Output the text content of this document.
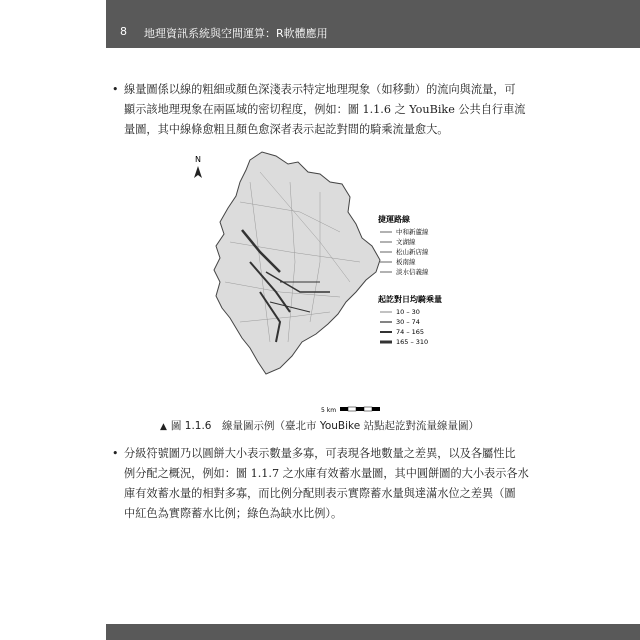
8 地理資訊系統與空間運算：R軟體應用
• 線量圖係以線的粗細或顏色深淺表示特定地理現象（如移動）的流向與流量，可
顯示該地理現象在兩區域的密切程度，例如：圖 1.1.6 之 YouBike 公共自行車流
量圖，其中線條愈粗且顏色愈深者表示起訖對間的騎乘流量愈大。
N
捷運路線
中和新蘆線
文湖線
松山新店線
板南線
淡水信義線
起訖對日均騎乘量
10 – 30
30 – 74
74 – 165
165 – 310
5 km
▲ 圖 1.1.6　線量圖示例（臺北市 YouBike 站點起訖對流量線量圖）
• 分級符號圖乃以圓餅大小表示數量多寡，可表現各地數量之差異，以及各屬性比
例分配之概況，例如：圖 1.1.7 之水庫有效蓄水量圖，其中圓餅圖的大小表示各水
庫有效蓄水量的相對多寡，而比例分配則表示實際蓄水量與達滿水位之差異（圖
中紅色為實際蓄水比例；綠色為缺水比例）。
